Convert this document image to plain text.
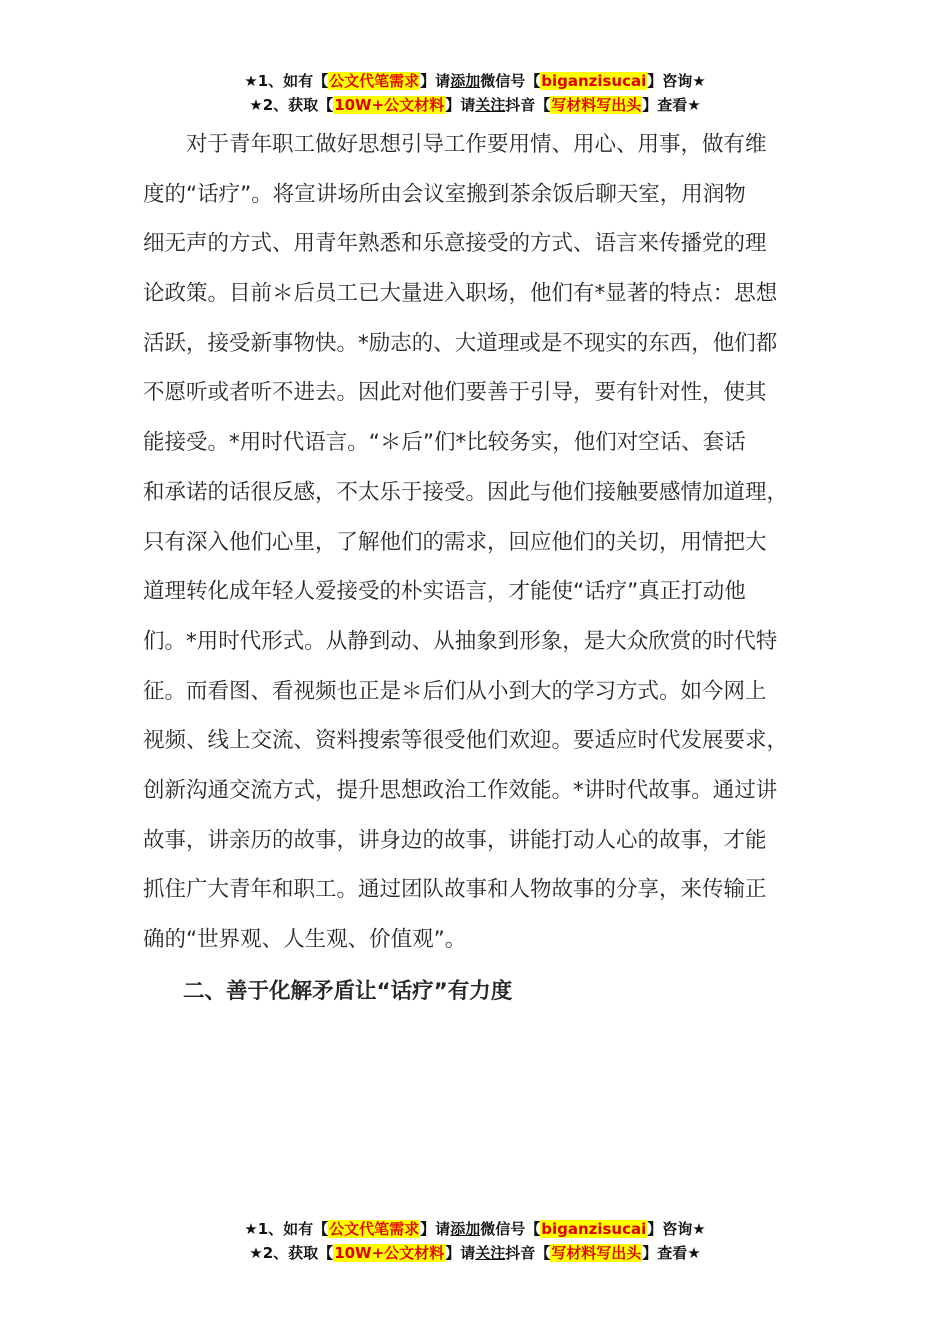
★1、如有【公文代笔需求】请添加微信号【biganzisucai】咨询★
★2、获取【10W+公文材料】请关注抖音【写材料写出头】查看★
　　对于青年职工做好思想引导工作要用情、用心、用事，做有维
度的“话疗”。将宣讲场所由会议室搬到茶余饭后聊天室，用润物
细无声的方式、用青年熟悉和乐意接受的方式、语言来传播党的理
论政策。目前＊后员工已大量进入职场，他们有*显著的特点：思想
活跃，接受新事物快。*励志的、大道理或是不现实的东西，他们都
不愿听或者听不进去。因此对他们要善于引导，要有针对性，使其
能接受。*用时代语言。“＊后”们*比较务实，他们对空话、套话
和承诺的话很反感，不太乐于接受。因此与他们接触要感情加道理，
只有深入他们心里，了解他们的需求，回应他们的关切，用情把大
道理转化成年轻人爱接受的朴实语言，才能使“话疗”真正打动他
们。*用时代形式。从静到动、从抽象到形象，是大众欣赏的时代特
征。而看图、看视频也正是＊后们从小到大的学习方式。如今网上
视频、线上交流、资料搜索等很受他们欢迎。要适应时代发展要求，
创新沟通交流方式，提升思想政治工作效能。*讲时代故事。通过讲
故事，讲亲历的故事，讲身边的故事，讲能打动人心的故事，才能
抓住广大青年和职工。通过团队故事和人物故事的分享，来传输正
确的“世界观、人生观、价值观”。
二、善于化解矛盾让“话疗”有力度
★1、如有【公文代笔需求】请添加微信号【biganzisucai】咨询★
★2、获取【10W+公文材料】请关注抖音【写材料写出头】查看★
